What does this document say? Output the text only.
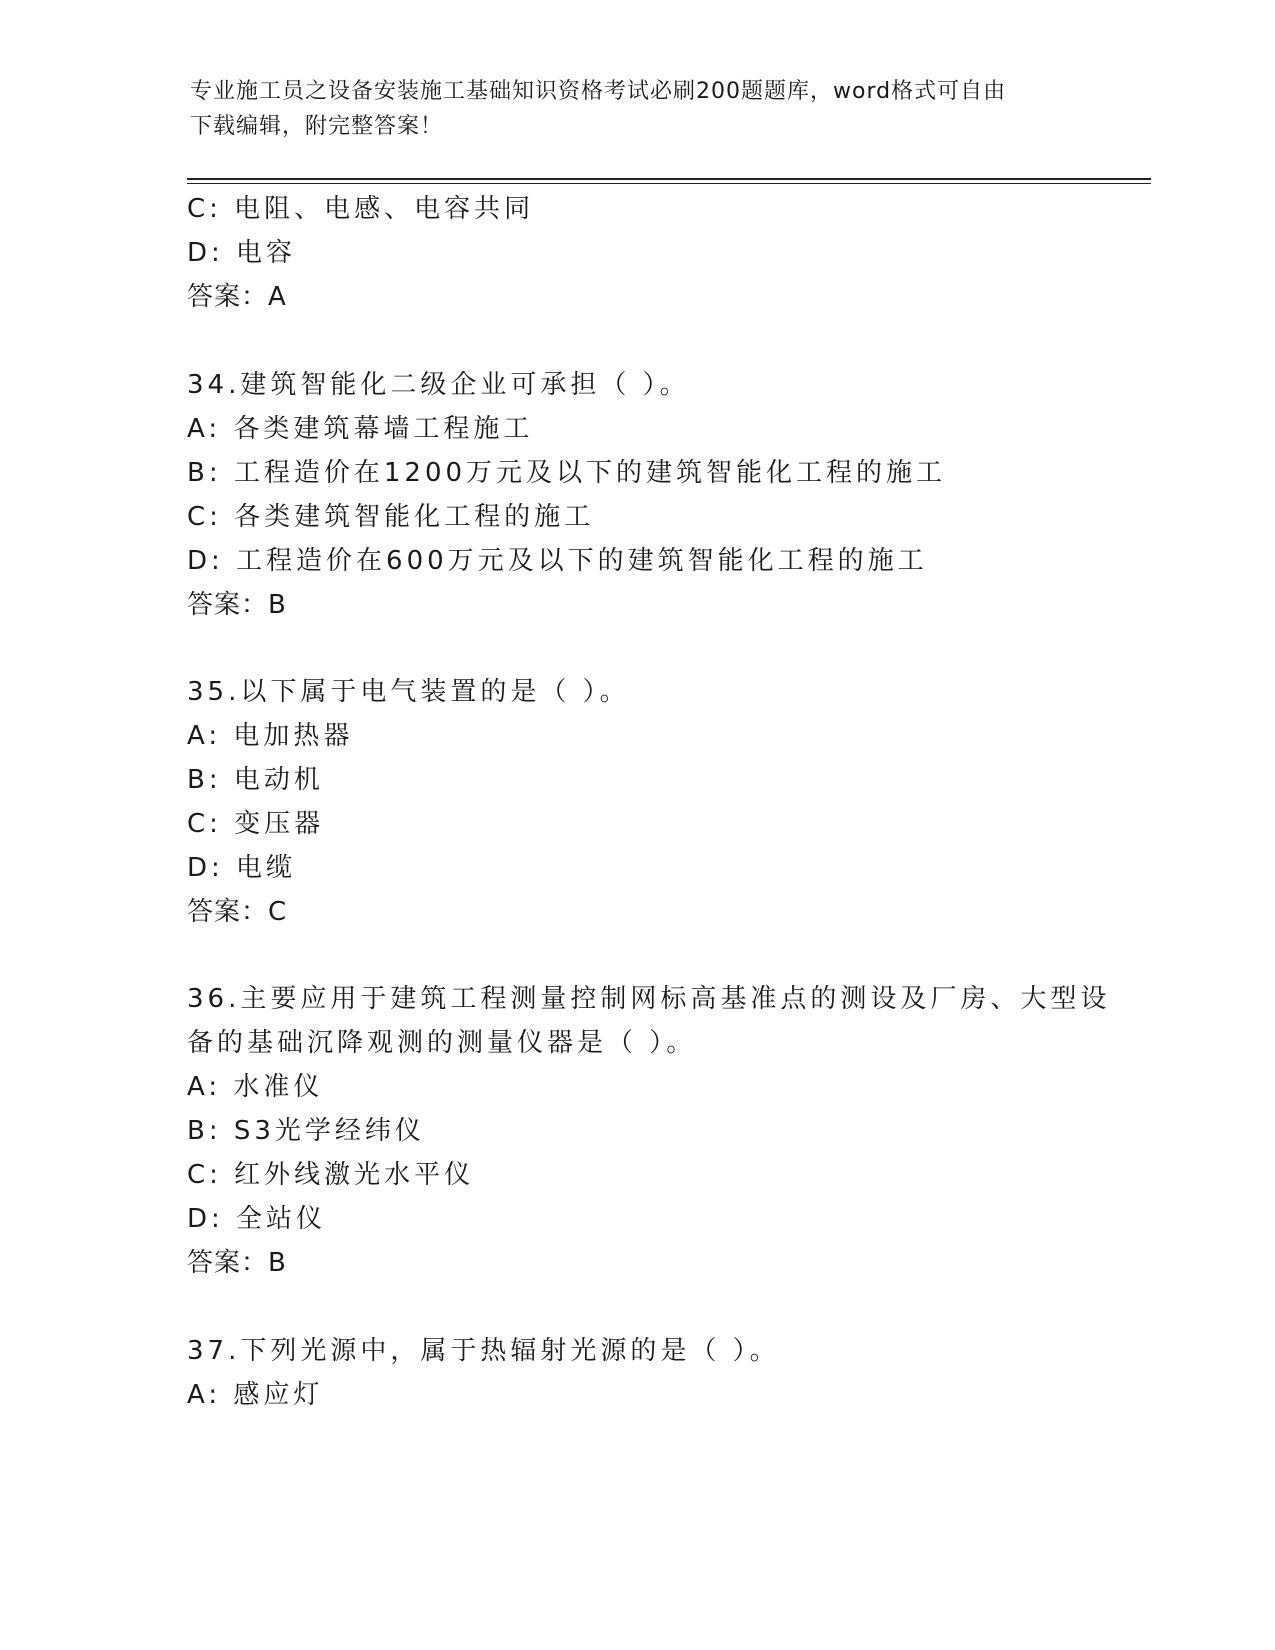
专业施工员之设备安装施工基础知识资格考试必刷200题题库，word格式可自由
下载编辑，附完整答案！
C: 电阻、电感、电容共同
D: 电容
答案：A
34.建筑智能化二级企业可承担（ ）。
A: 各类建筑幕墙工程施工
B: 工程造价在1200万元及以下的建筑智能化工程的施工
C: 各类建筑智能化工程的施工
D: 工程造价在600万元及以下的建筑智能化工程的施工
答案：B
35.以下属于电气装置的是（ ）。
A: 电加热器
B: 电动机
C: 变压器
D: 电缆
答案：C
36.主要应用于建筑工程测量控制网标高基准点的测设及厂房、大型设
备的基础沉降观测的测量仪器是（ ）。
A: 水准仪
B: S3光学经纬仪
C: 红外线激光水平仪
D: 全站仪
答案：B
37.下列光源中，属于热辐射光源的是（ ）。
A: 感应灯
